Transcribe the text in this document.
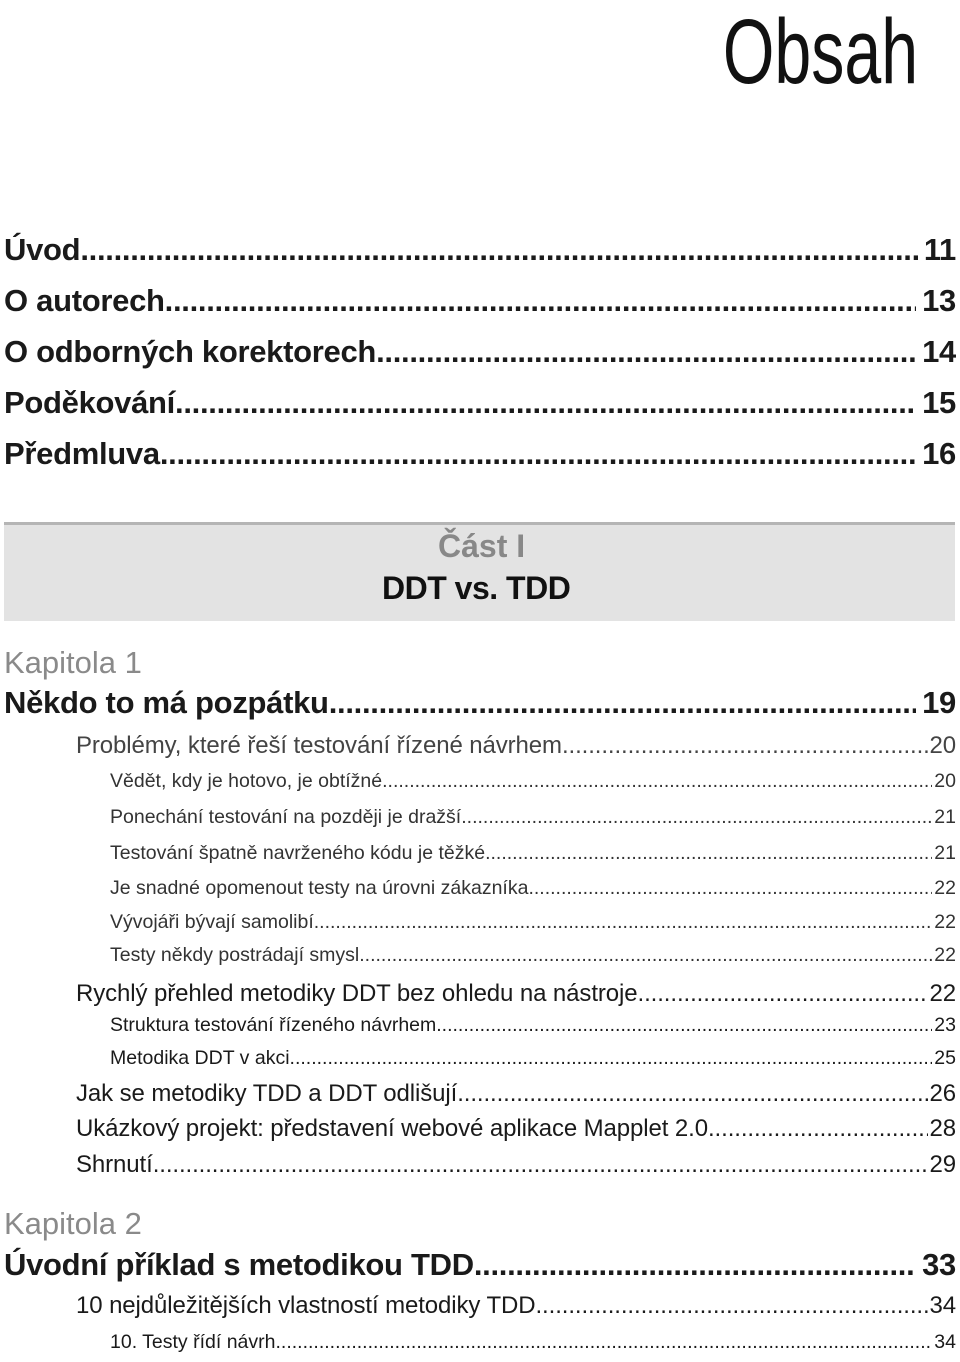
Obsah
Úvod .....	11
O autorech .....	13
O odborných korektorech .....	14
Poděkování .....	15
Předmluva .....	16
Část I
DDT vs. TDD
Kapitola 1
Někdo to má pozpátku .....	19
Problémy, které řeší testování řízené návrhem .....	20
Vědět, kdy je hotovo, je obtížné .....	20
Ponechání testování na později je dražší .....	21
Testování špatně navrženého kódu je těžké .....	21
Je snadné opomenout testy na úrovni zákazníka .....	22
Vývojáři bývají samolibí .....	22
Testy někdy postrádají smysl .....	22
Rychlý přehled metodiky DDT bez ohledu na nástroje .....	22
Struktura testování řízeného návrhem .....	23
Metodika DDT v akci .....	25
Jak se metodiky TDD a DDT odlišují .....	26
Ukázkový projekt: představení webové aplikace Mapplet 2.0 .....	28
Shrnutí .....	29
Kapitola 2
Úvodní příklad s metodikou TDD .....	33
10 nejdůležitějších vlastností metodiky TDD .....	34
10. Testy řídí návrh .....	34
